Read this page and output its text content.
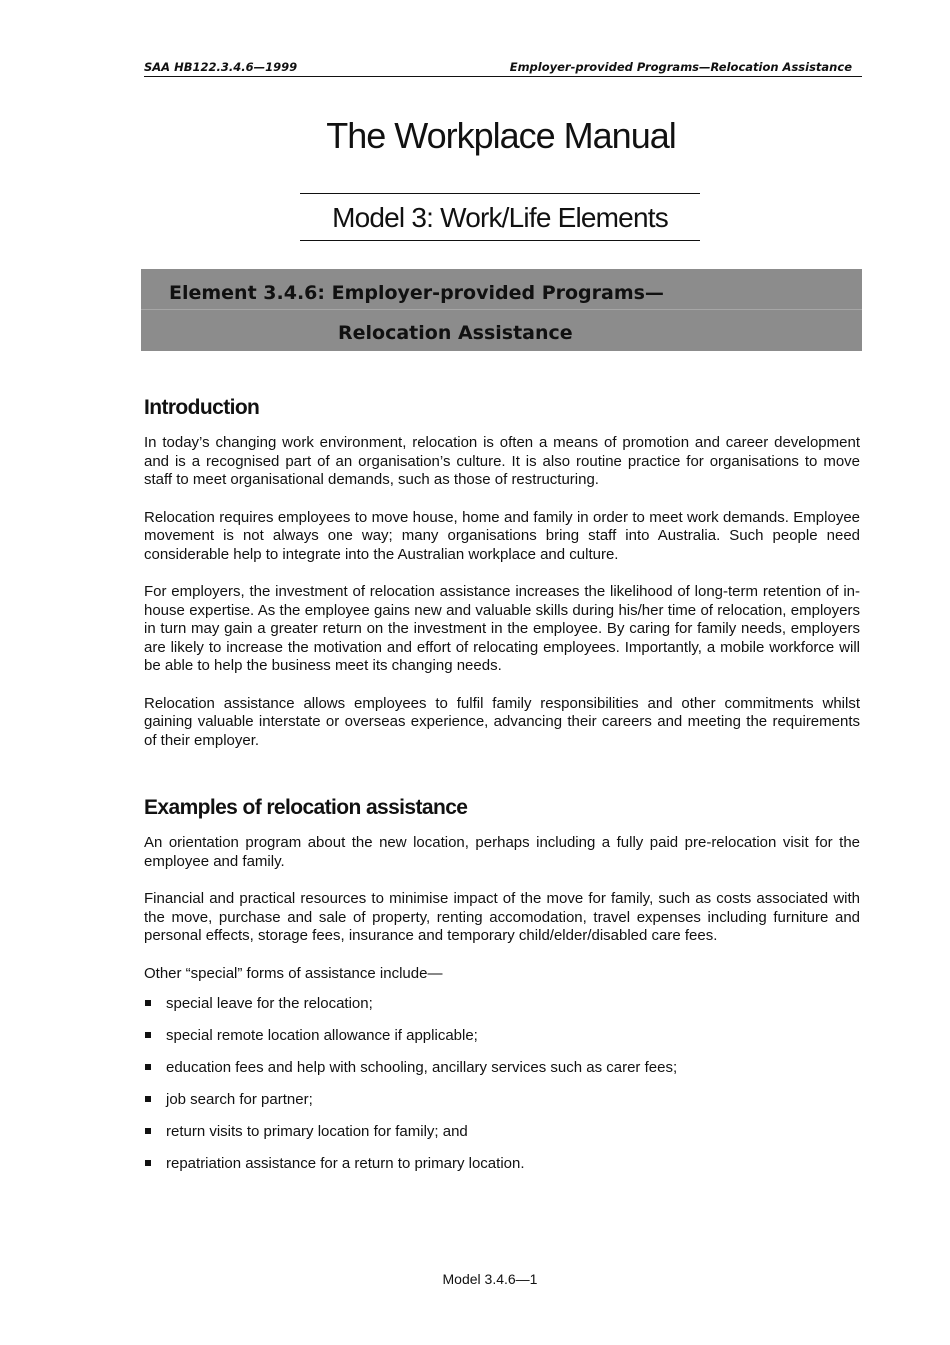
SAA HB122.3.4.6—1999	Employer-provided Programs—Relocation Assistance
The Workplace Manual
Model 3: Work/Life Elements
Element 3.4.6: Employer-provided Programs—
Relocation Assistance
Introduction

In today’s changing work environment, relocation is often a means of promotion and career development and is a recognised part of an organisation’s culture. It is also routine practice for organisations to move staff to meet organisational demands, such as those of restructuring.

Relocation requires employees to move house, home and family in order to meet work demands. Employee movement is not always one way; many organisations bring staff into Australia. Such people need considerable help to integrate into the Australian workplace and culture.

For employers, the investment of relocation assistance increases the likelihood of long-term retention of in-house expertise. As the employee gains new and valuable skills during his/her time of relocation, employers in turn may gain a greater return on the investment in the employee. By caring for family needs, employers are likely to increase the motivation and effort of relocating employees. Importantly, a mobile workforce will be able to help the business meet its changing needs.

Relocation assistance allows employees to fulfil family responsibilities and other commitments whilst gaining valuable interstate or overseas experience, advancing their careers and meeting the requirements of their employer.

Examples of relocation assistance

An orientation program about the new location, perhaps including a fully paid pre-relocation visit for the employee and family.

Financial and practical resources to minimise impact of the move for family, such as costs associated with the move, purchase and sale of property, renting accomodation, travel expenses including furniture and personal effects, storage fees, insurance and temporary child/elder/disabled care fees.

Other “special” forms of assistance include—

special leave for the relocation;
special remote location allowance if applicable;
education fees and help with schooling, ancillary services such as carer fees;
job search for partner;
return visits to primary location for family; and
repatriation assistance for a return to primary location.
Model 3.4.6—1
